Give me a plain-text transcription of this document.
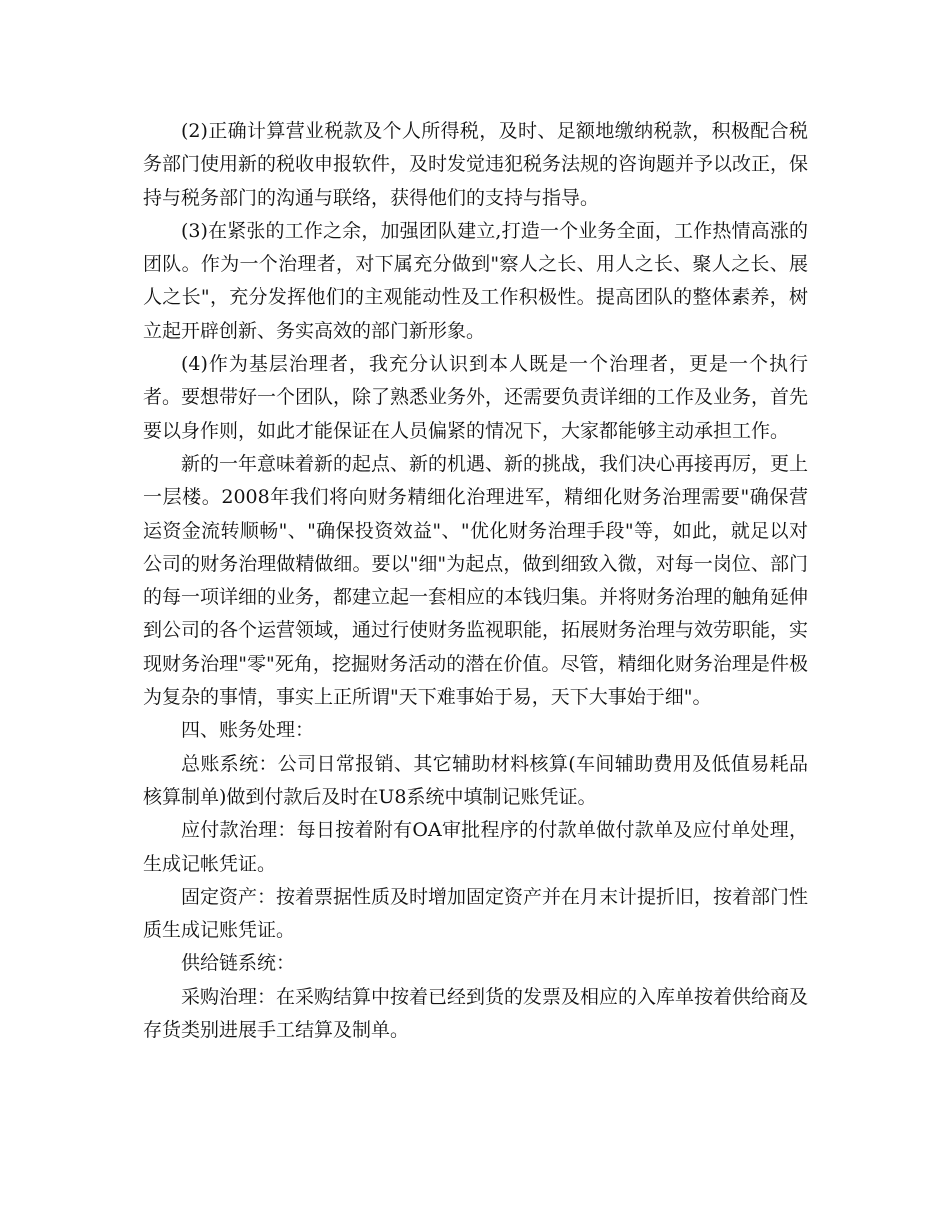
(2)正确计算营业税款及个人所得税，及时、足额地缴纳税款，积极配合税务部门使用新的税收申报软件，及时发觉违犯税务法规的咨询题并予以改正，保持与税务部门的沟通与联络，获得他们的支持与指导。

(3)在紧张的工作之余，加强团队建立,打造一个业务全面，工作热情高涨的团队。作为一个治理者，对下属充分做到"察人之长、用人之长、聚人之长、展人之长"，充分发挥他们的主观能动性及工作积极性。提高团队的整体素养，树立起开辟创新、务实高效的部门新形象。

(4)作为基层治理者，我充分认识到本人既是一个治理者，更是一个执行者。要想带好一个团队，除了熟悉业务外，还需要负责详细的工作及业务，首先要以身作则，如此才能保证在人员偏紧的情况下，大家都能够主动承担工作。

新的一年意味着新的起点、新的机遇、新的挑战，我们决心再接再厉，更上一层楼。2008年我们将向财务精细化治理进军，精细化财务治理需要"确保营运资金流转顺畅"、"确保投资效益"、"优化财务治理手段"等，如此，就足以对公司的财务治理做精做细。要以"细"为起点，做到细致入微，对每一岗位、部门的每一项详细的业务，都建立起一套相应的本钱归集。并将财务治理的触角延伸到公司的各个运营领域，通过行使财务监视职能，拓展财务治理与效劳职能，实现财务治理"零"死角，挖掘财务活动的潜在价值。尽管，精细化财务治理是件极为复杂的事情，事实上正所谓"天下难事始于易，天下大事始于细"。

四、账务处理：

总账系统：公司日常报销、其它辅助材料核算(车间辅助费用及低值易耗品核算制单)做到付款后及时在U8系统中填制记账凭证。

应付款治理：每日按着附有OA审批程序的付款单做付款单及应付单处理，生成记帐凭证。

固定资产：按着票据性质及时增加固定资产并在月末计提折旧，按着部门性质生成记账凭证。

供给链系统：

采购治理：在采购结算中按着已经到货的发票及相应的入库单按着供给商及存货类别进展手工结算及制单。
